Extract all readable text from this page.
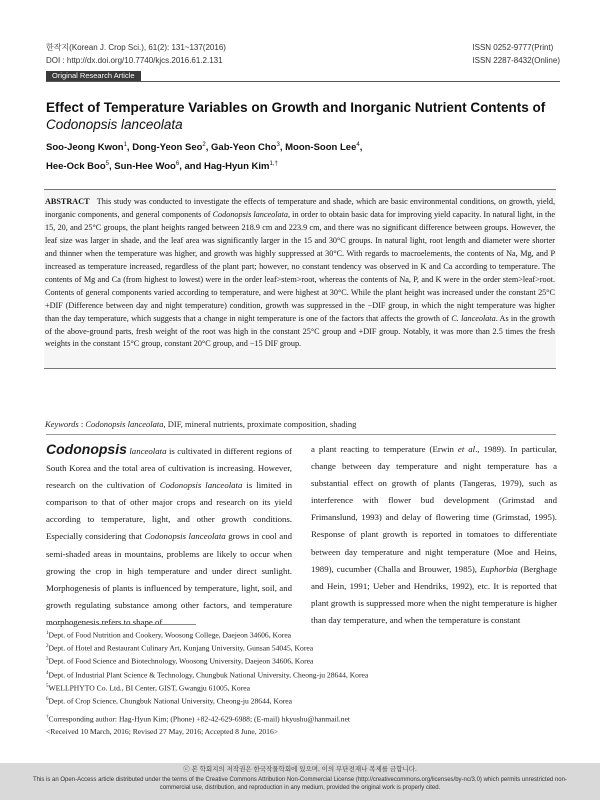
한작지(Korean J. Crop Sci.), 61(2): 131~137(2016)
DOI : http://dx.doi.org/10.7740/kjcs.2016.61.2.131
ISSN 0252-9777(Print)
ISSN 2287-8432(Online)
Original Research Article
Effect of Temperature Variables on Growth and Inorganic Nutrient Contents of
Codonopsis lanceolata
Soo-Jeong Kwon$^1$, Dong-Yeon Seo$^2$, Gab-Yeon Cho$^3$, Moon-Soon Lee$^4$,
Hee-Ock Boo$^5$, Sun-Hee Woo$^6$, and Hag-Hyun Kim$^{1,\dagger}$

ABSTRACT This study was conducted to investigate the effects of temperature and shade, which are basic environmental conditions, on growth, yield, inorganic components, and general components of Codonopsis lanceolata, in order to obtain basic data for improving yield capacity. In natural light, in the 15, 20, and 25°C groups, the plant heights ranged between 218.9 cm and 223.9 cm, and there was no significant difference between groups. However, the leaf size was larger in shade, and the leaf area was significantly larger in the 15 and 30°C groups. In natural light, root length and diameter were shorter and thinner when the temperature was higher, and growth was highly suppressed at 30°C. With regards to macroelements, the contents of Na, Mg, and P increased as temperature increased, regardless of the plant part; however, no constant tendency was observed in K and Ca according to temperature. The contents of Mg and Ca (from highest to lowest) were in the order leaf>stem>root, whereas the contents of Na, P, and K were in the order stem>leaf>root. Contents of general components varied according to temperature, and were highest at 30°C. While the plant height was increased under the constant 25°C +DIF (Difference between day and night temperature) condition, growth was suppressed in the −DIF group, in which the night temperature was higher than the day temperature, which suggests that a change in night temperature is one of the factors that affects the growth of C. lanceolata. As in the growth of the above-ground parts, fresh weight of the root was high in the constant 25°C group and +DIF group. Notably, it was more than 2.5 times the fresh weights in the constant 15°C group, constant 20°C group, and −15 DIF group.

Keywords : Codonopsis lanceolata, DIF, mineral nutrients, proximate composition, shading

Codonopsis lanceolata is cultivated in different regions of South Korea and the total area of cultivation is increasing. However, research on the cultivation of Codonopsis lanceolata is limited in comparison to that of other major crops and research on its yield according to temperature, light, and other growth conditions. Especially considering that Codonopsis lanceolata grows in cool and semi-shaded areas in mountains, problems are likely to occur when growing the crop in high temperature and under direct sunlight. Morphogenesis of plants is influenced by temperature, light, soil, and growth regulating substance among other factors, and temperature morphogenesis refers to shape of

a plant reacting to temperature (Erwin et al., 1989). In particular, change between day temperature and night temperature has a substantial effect on growth of plants (Tangeras, 1979), such as interference with flower bud development (Grimstad and Frimanslund, 1993) and delay of flowering time (Grimstad, 1995). Response of plant growth is reported in tomatoes to differentiate between day temperature and night temperature (Moe and Heins, 1989), cucumber (Challa and Brouwer, 1985), Euphorbia (Berghage and Hein, 1991; Ueber and Hendriks, 1992), etc. It is reported that plant growth is suppressed more when the night temperature is higher than day temperature, and when the temperature is constant

$^1$Dept. of Food Nutrition and Cookery, Woosong College, Daejeon 34606, Korea
$^2$Dept. of Hotel and Restaurant Culinary Art, Kunjang University, Gunsan 54045, Korea
$^3$Dept. of Food Science and Biotechnology, Woosong University, Daejeon 34606, Korea
$^4$Dept. of Industrial Plant Science & Technology, Chungbuk National University, Cheong-ju 28644, Korea
$^5$WELLPHYTO Co. Ltd., BI Center, GIST, Gwangju 61005, Korea
$^6$Dept. of Crop Science, Chungbuk National University, Cheong-ju 28644, Korea
†Corresponding author: Hag-Hyun Kim; (Phone) +82-42-629-6988; (E-mail) hkyushu@hanmail.net
<Received 10 March, 2016; Revised 27 May, 2016; Accepted 8 June, 2016>
ⓒ 본 학회지의 저작권은 한국작물학회에 있으며, 이의 무단전재나 복제를 금합니다.
This is an Open-Access article distributed under the terms of the Creative Commons Attribution Non-Commercial License (http://creativecommons.org/licenses/by-nc/3.0) which permits unrestricted non-commercial use, distribution, and reproduction in any medium, provided the original work is properly cited.
